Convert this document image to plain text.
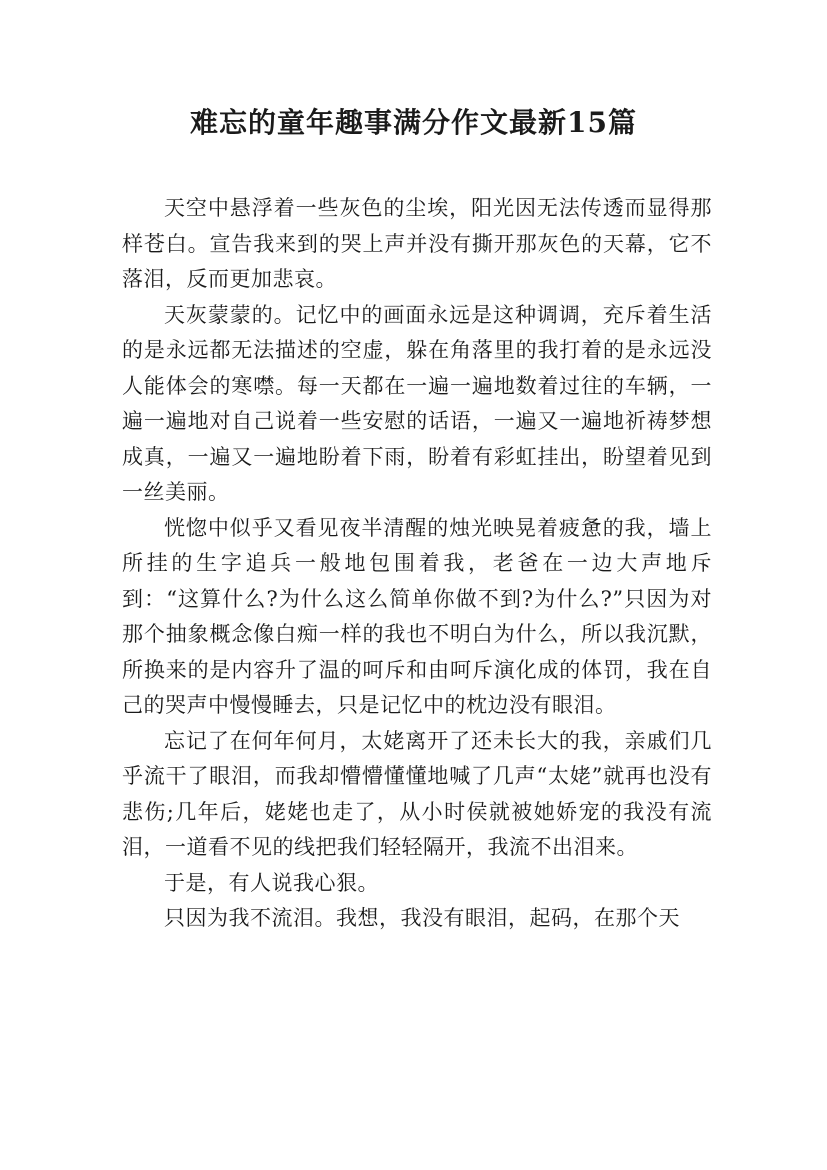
难忘的童年趣事满分作文最新15篇

天空中悬浮着一些灰色的尘埃，阳光因无法传透而显得那样苍白。宣告我来到的哭上声并没有撕开那灰色的天幕，它不落泪，反而更加悲哀。

天灰蒙蒙的。记忆中的画面永远是这种调调，充斥着生活的是永远都无法描述的空虚，躲在角落里的我打着的是永远没人能体会的寒噤。每一天都在一遍一遍地数着过往的车辆，一遍一遍地对自己说着一些安慰的话语，一遍又一遍地祈祷梦想成真，一遍又一遍地盼着下雨，盼着有彩虹挂出，盼望着见到一丝美丽。

恍惚中似乎又看见夜半清醒的烛光映晃着疲惫的我，墙上所挂的生字追兵一般地包围着我，老爸在一边大声地斥到：“这算什么?为什么这么简单你做不到?为什么?”只因为对那个抽象概念像白痴一样的我也不明白为什么，所以我沉默，所换来的是内容升了温的呵斥和由呵斥演化成的体罚，我在自己的哭声中慢慢睡去，只是记忆中的枕边没有眼泪。

忘记了在何年何月，太姥离开了还未长大的我，亲戚们几乎流干了眼泪，而我却懵懵懂懂地喊了几声“太姥”就再也没有悲伤;几年后，姥姥也走了，从小时侯就被她娇宠的我没有流泪，一道看不见的线把我们轻轻隔开，我流不出泪来。

于是，有人说我心狠。

只因为我不流泪。我想，我没有眼泪，起码，在那个天
